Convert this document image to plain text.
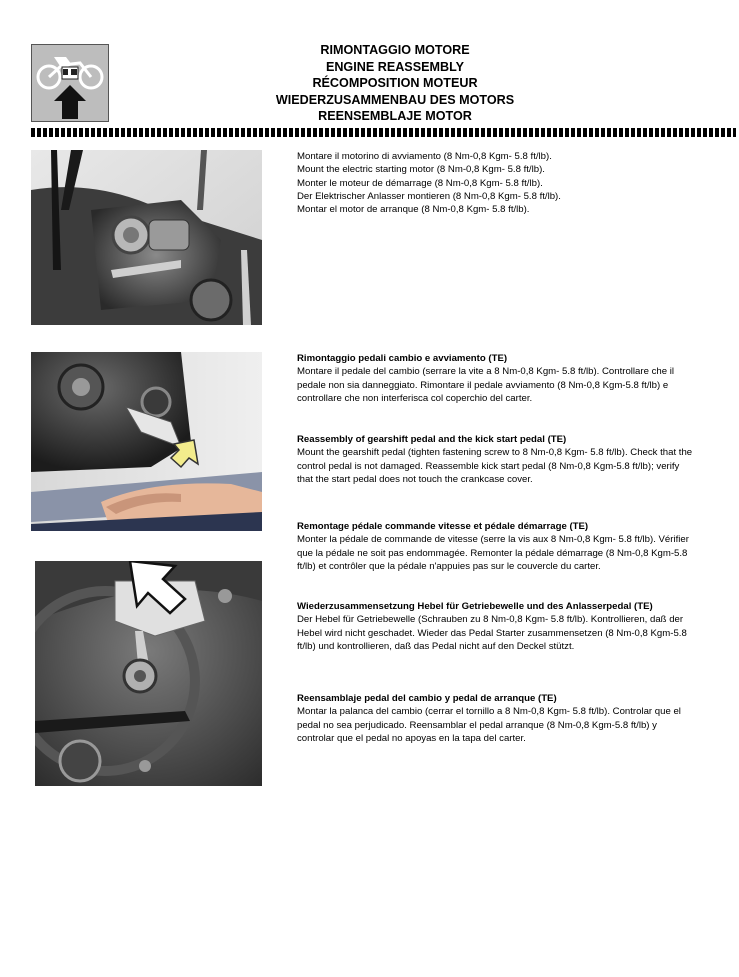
RIMONTAGGIO MOTORE
ENGINE REASSEMBLY
RÉCOMPOSITION MOTEUR
WIEDERZUSAMMENBAU DES MOTORS
REENSEMBLAJE MOTOR

Montare il motorino di avviamento (8 Nm-0,8 Kgm- 5.8 ft/lb).

Mount the electric starting motor (8 Nm-0,8 Kgm- 5.8 ft/lb).

Monter le moteur de démarrage (8 Nm-0,8 Kgm- 5.8 ft/lb).

Der Elektrischer Anlasser montieren (8 Nm-0,8 Kgm- 5.8 ft/lb).

Montar el motor de arranque (8 Nm-0,8 Kgm- 5.8 ft/lb).

Rimontaggio pedali cambio e avviamento (TE)

Montare il pedale del cambio (serrare la vite a 8 Nm-0,8 Kgm- 5.8 ft/lb). Controllare che il pedale non sia danneggiato. Rimontare il pedale avviamento (8 Nm-0,8 Kgm-5.8 ft/lb) e controllare che non interferisca col coperchio del carter.

Reassembly of gearshift pedal and the kick start pedal (TE)

Mount the gearshift pedal (tighten fastening screw to 8 Nm-0,8 Kgm- 5.8 ft/lb). Check that the control pedal is not damaged. Reassemble kick start pedal (8 Nm-0,8 Kgm-5.8 ft/lb); verify that the start pedal does not touch the crankcase cover.

Remontage pédale commande vitesse et pédale démarrage (TE)

Monter la pédale de commande de vitesse (serre la vis aux 8 Nm-0,8 Kgm- 5.8 ft/lb). Vérifier que la pédale ne soit pas endommagée. Remonter la pédale démarrage (8 Nm-0,8 Kgm-5.8 ft/lb) et contrôler que la pédale n'appuies pas sur le couvercle du carter.

Wiederzusammensetzung Hebel für Getriebewelle und des Anlasserpedal (TE)

Der Hebel für Getriebewelle (Schrauben zu 8 Nm-0,8 Kgm- 5.8 ft/lb). Kontrollieren, daß der Hebel wird nicht geschadet. Wieder das Pedal Starter zusammensetzen (8 Nm-0,8 Kgm-5.8 ft/lb) und kontrollieren, daß das Pedal nicht auf den Deckel stützt.

Reensamblaje pedal del cambio y pedal de arranque (TE)

Montar la palanca del cambio (cerrar el tornillo a 8 Nm-0,8 Kgm- 5.8 ft/lb). Controlar que el pedal no sea perjudicado. Reensamblar el pedal arranque (8 Nm-0,8 Kgm-5.8 ft/lb) y controlar que el pedal no apoyas en la tapa del carter.
